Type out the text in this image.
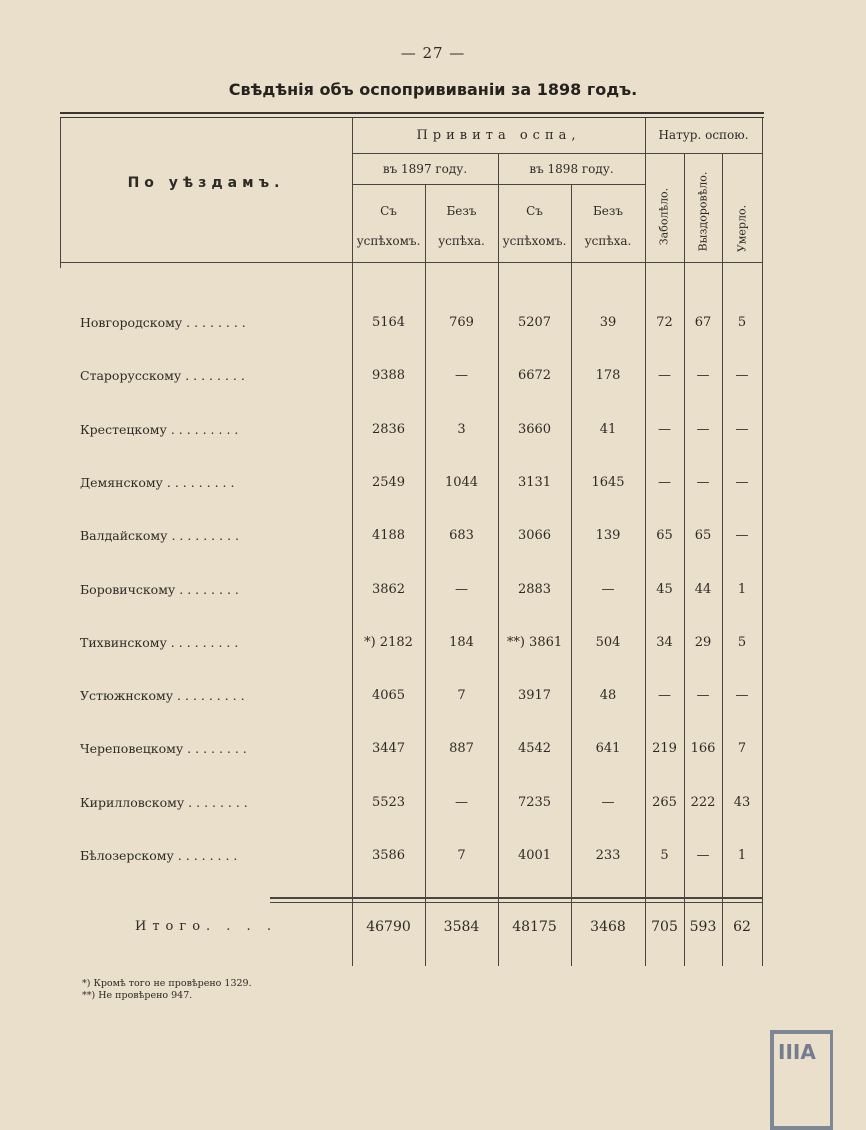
— 27 —
Свѣдѣнія объ оспопрививаніи за 1898 годъ.
По уѣздамъ.
Привита оспа,	Натур. оспою.
въ 1897 году.	въ 1898 году.
Съ
успѣхомъ.
Безъ
успѣха.
Съ
успѣхомъ.
Безъ
успѣха.	Заболѣло. Выздоровѣло. Умерло.
Новгородскому . . . . . . . .	5164	769	5207	39	72	67	5
Старорусскому . . . . . . . .	9388	—	6672	178	—	—	—
Крестецкому . . . . . . . . .	2836	3	3660	41	—	—	—
Демянскому . . . . . . . . .	2549	1044	3131	1645	—	—	—
Валдайскому . . . . . . . . .	4188	683	3066	139	65	65	—
Боровичскому . . . . . . . .	3862	—	2883	—	45	44	1
Тихвинскому . . . . . . . . .	*) 2182	184	**) 3861	504	34	29	5
Устюжнскому . . . . . . . . .	4065	7	3917	48	—	—	—
Череповецкому . . . . . . . .	3447	887	4542	641	219	166	7
Кирилловскому . . . . . . . .	5523	—	7235	—	265	222	43
Бѣлозерскому . . . . . . . .	3586	7	4001	233	5	—	1
Итого. . . .	46790	3584	48175	3468	705 593	62
*) Кромѣ того не провѣрено 1329.
**) Не провѣрено 947.
IIIA
